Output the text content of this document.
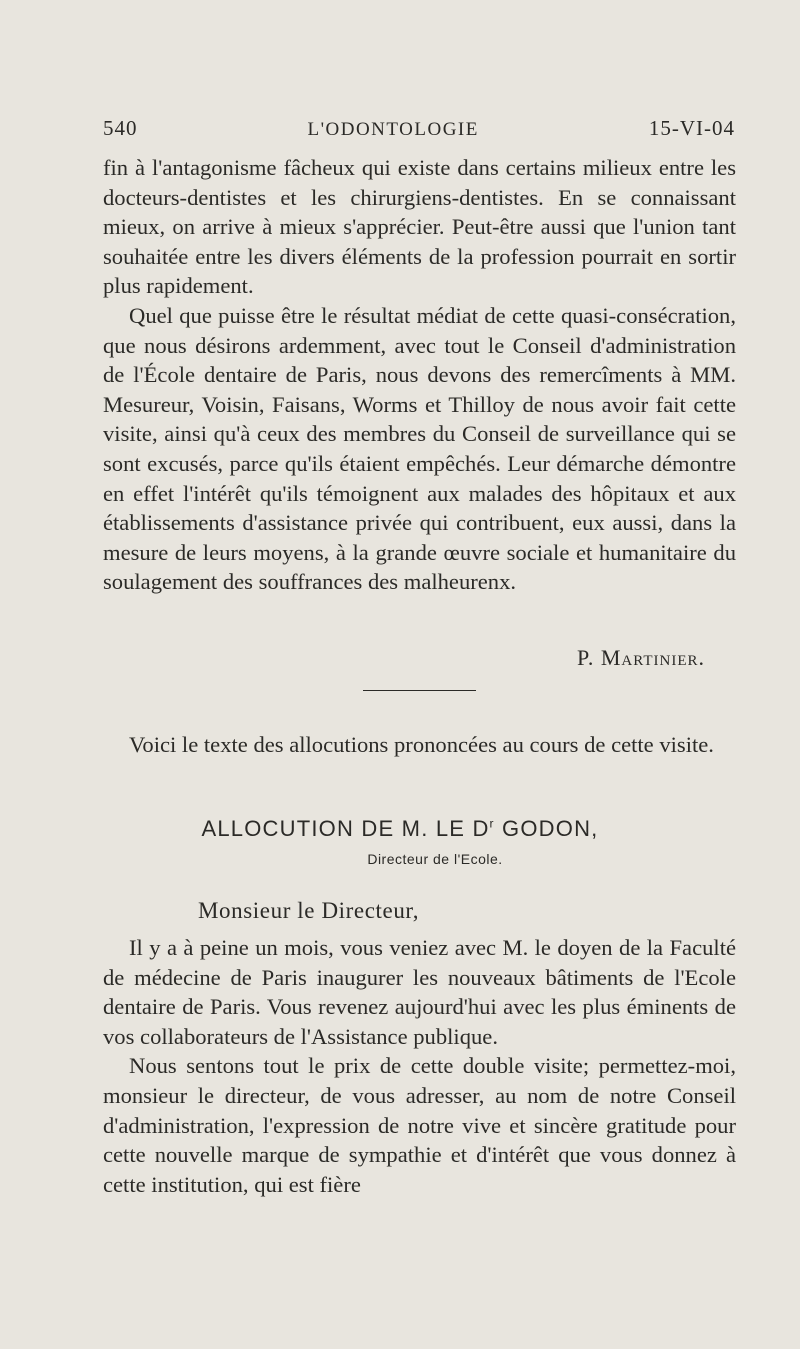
540	L'ODONTOLOGIE	15-VI-04

fin à l'antagonisme fâcheux qui existe dans certains milieux entre les docteurs-dentistes et les chirurgiens-dentistes. En se connaissant mieux, on arrive à mieux s'apprécier. Peut-être aussi que l'union tant souhaitée entre les divers éléments de la profession pourrait en sortir plus rapidement.

Quel que puisse être le résultat médiat de cette quasi-consécration, que nous désirons ardemment, avec tout le Conseil d'administration de l'École dentaire de Paris, nous devons des remercîments à MM. Mesureur, Voisin, Faisans, Worms et Thilloy de nous avoir fait cette visite, ainsi qu'à ceux des membres du Conseil de surveillance qui se sont excusés, parce qu'ils étaient empêchés. Leur démarche démontre en effet l'intérêt qu'ils témoignent aux malades des hôpitaux et aux établissements d'assistance privée qui contribuent, eux aussi, dans la mesure de leurs moyens, à la grande œuvre sociale et humanitaire du soulagement des souffrances des malheurenx.

P. Martinier.

Voici le texte des allocutions prononcées au cours de cette visite.

ALLOCUTION DE M. LE $D^r$ GODON,
Directeur de l'Ecole.
Monsieur le Directeur,

Il y a à peine un mois, vous veniez avec M. le doyen de la Faculté de médecine de Paris inaugurer les nouveaux bâtiments de l'Ecole dentaire de Paris. Vous revenez aujourd'hui avec les plus éminents de vos collaborateurs de l'Assistance publique.

Nous sentons tout le prix de cette double visite; permettez-moi, monsieur le directeur, de vous adresser, au nom de notre Conseil d'administration, l'expression de notre vive et sincère gratitude pour cette nouvelle marque de sympathie et d'intérêt que vous donnez à cette institution, qui est fière
